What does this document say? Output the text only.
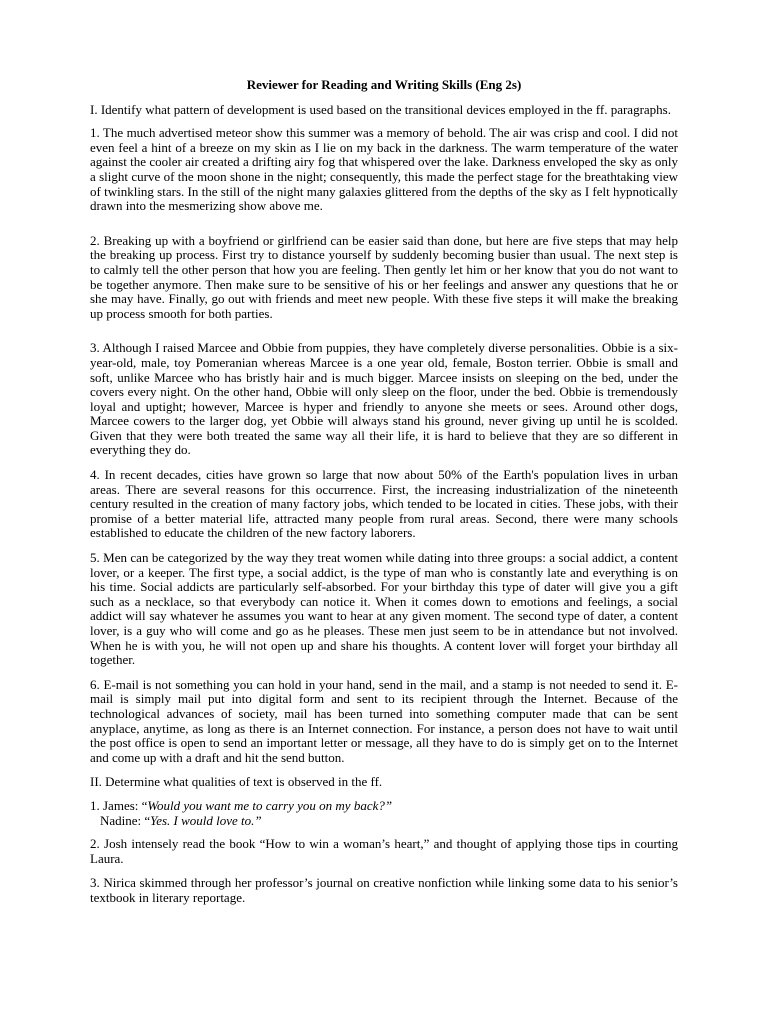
Reviewer for Reading and Writing Skills (Eng 2s)

I. Identify what pattern of development is used based on the transitional devices employed in the ff. paragraphs.

1. The much advertised meteor show this summer was a memory of behold. The air was crisp and cool. I did not even feel a hint of a breeze on my skin as I lie on my back in the darkness. The warm temperature of the water against the cooler air created a drifting airy fog that whispered over the lake. Darkness enveloped the sky as only a slight curve of the moon shone in the night; consequently, this made the perfect stage for the breathtaking view of twinkling stars. In the still of the night many galaxies glittered from the depths of the sky as I felt hypnotically drawn into the mesmerizing show above me.

2. Breaking up with a boyfriend or girlfriend can be easier said than done, but here are five steps that may help the breaking up process. First try to distance yourself by suddenly becoming busier than usual. The next step is to calmly tell the other person that how you are feeling. Then gently let him or her know that you do not want to be together anymore. Then make sure to be sensitive of his or her feelings and answer any questions that he or she may have. Finally, go out with friends and meet new people. With these five steps it will make the breaking up process smooth for both parties.

3. Although I raised Marcee and Obbie from puppies, they have completely diverse personalities. Obbie is a six-year-old, male, toy Pomeranian whereas Marcee is a one year old, female, Boston terrier. Obbie is small and soft, unlike Marcee who has bristly hair and is much bigger. Marcee insists on sleeping on the bed, under the covers every night. On the other hand, Obbie will only sleep on the floor, under the bed. Obbie is tremendously loyal and uptight; however, Marcee is hyper and friendly to anyone she meets or sees. Around other dogs, Marcee cowers to the larger dog, yet Obbie will always stand his ground, never giving up until he is scolded. Given that they were both treated the same way all their life, it is hard to believe that they are so different in everything they do.

4. In recent decades, cities have grown so large that now about 50% of the Earth's population lives in urban areas. There are several reasons for this occurrence. First, the increasing industrialization of the nineteenth century resulted in the creation of many factory jobs, which tended to be located in cities. These jobs, with their promise of a better material life, attracted many people from rural areas. Second, there were many schools established to educate the children of the new factory laborers.

5. Men can be categorized by the way they treat women while dating into three groups: a social addict, a content lover, or a keeper. The first type, a social addict, is the type of man who is constantly late and everything is on his time. Social addicts are particularly self-absorbed. For your birthday this type of dater will give you a gift such as a necklace, so that everybody can notice it. When it comes down to emotions and feelings, a social addict will say whatever he assumes you want to hear at any given moment. The second type of dater, a content lover, is a guy who will come and go as he pleases. These men just seem to be in attendance but not involved. When he is with you, he will not open up and share his thoughts. A content lover will forget your birthday all together.

6. E-mail is not something you can hold in your hand, send in the mail, and a stamp is not needed to send it. E-mail is simply mail put into digital form and sent to its recipient through the Internet. Because of the technological advances of society, mail has been turned into something computer made that can be sent anyplace, anytime, as long as there is an Internet connection. For instance, a person does not have to wait until the post office is open to send an important letter or message, all they have to do is simply get on to the Internet and come up with a draft and hit the send button.

II. Determine what qualities of text is observed in the ff.

1. James: “Would you want me to carry you on my back?”
Nadine: “Yes. I would love to.”

2. Josh intensely read the book “How to win a woman’s heart,” and thought of applying those tips in courting Laura.

3. Nirica skimmed through her professor’s journal on creative nonfiction while linking some data to his senior’s textbook in literary reportage.
